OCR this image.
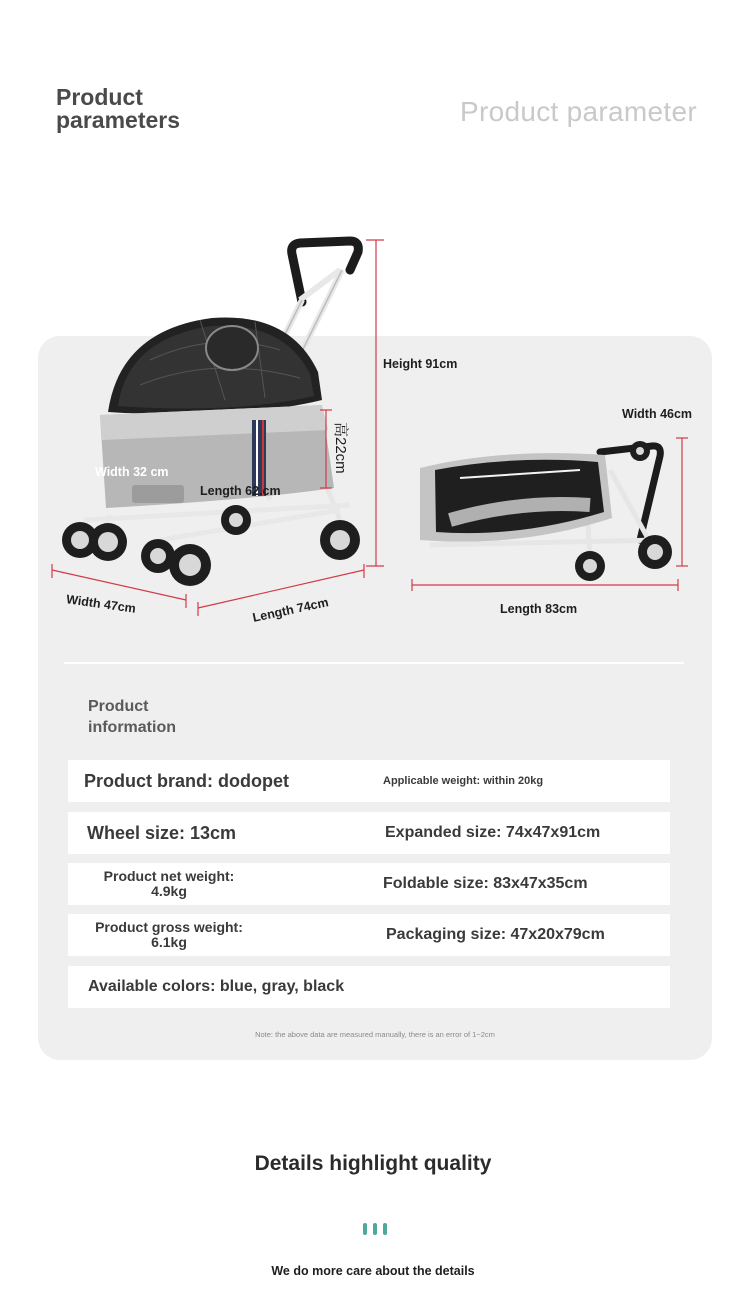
Product parameters	Product parameter
Height 91cm
高22cm
Width 32 cm
Length 62.cm
Width 47cm	Length 74cm
Width 46cm
Length 83cm
Product information
Product brand: dodopet	Applicable weight: within 20kg
Wheel size: 13cm	Expanded size: 74x47x91cm
Product net weight:
4.9kg	Foldable size: 83x47x35cm
Product gross weight:
6.1kg	Packaging size: 47x20x79cm
Available colors: blue, gray, black
Note: the above data are measured manually, there is an error of 1~2cm
Details highlight quality
We do more care about the details
